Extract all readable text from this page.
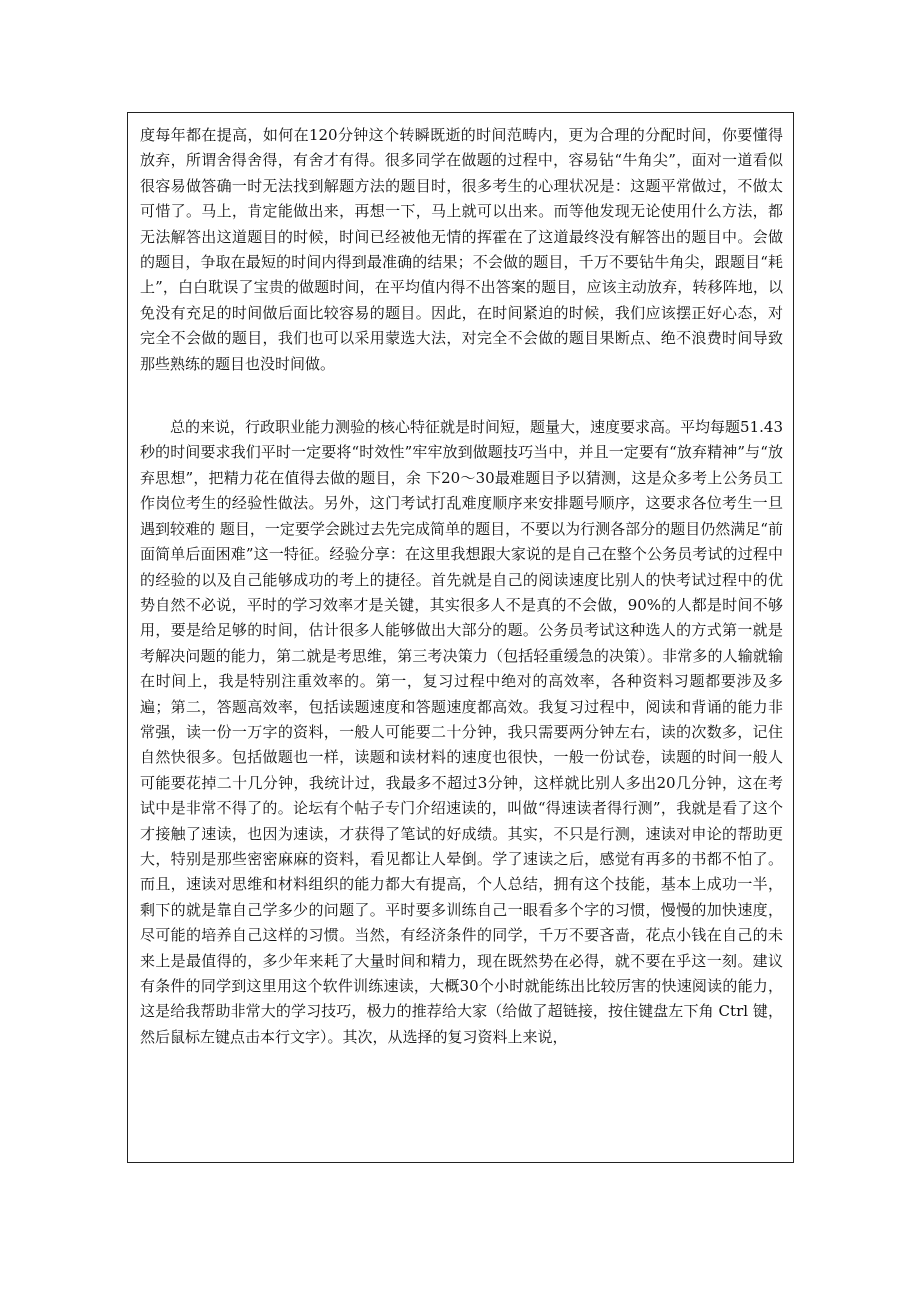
度每年都在提高，如何在120分钟这个转瞬既逝的时间范畴内，更为合理的分配时间，你要懂得放弃，所谓舍得舍得，有舍才有得。很多同学在做题的过程中，容易钻“牛角尖”，面对一道看似很容易做答确一时无法找到解题方法的题目时，很多考生的心理状况是：这题平常做过，不做太可惜了。马上，肯定能做出来，再想一下，马上就可以出来。而等他发现无论使用什么方法，都无法解答出这道题目的时候，时间已经被他无情的挥霍在了这道最终没有解答出的题目中。会做的题目，争取在最短的时间内得到最准确的结果；不会做的题目，千万不要钻牛角尖，跟题目“耗上”，白白耽误了宝贵的做题时间，在平均值内得不出答案的题目，应该主动放弃，转移阵地，以免没有充足的时间做后面比较容易的题目。因此，在时间紧迫的时候，我们应该摆正好心态，对完全不会做的题目，我们也可以采用蒙选大法，对完全不会做的题目果断点、绝不浪费时间导致那些熟练的题目也没时间做。

总的来说，行政职业能力测验的核心特征就是时间短，题量大，速度要求高。平均每题51.43秒的时间要求我们平时一定要将“时效性”牢牢放到做题技巧当中，并且一定要有“放弃精神”与“放弃思想”，把精力花在值得去做的题目，余 下20～30最难题目予以猜测，这是众多考上公务员工作岗位考生的经验性做法。另外，这门考试打乱难度顺序来安排题号顺序，这要求各位考生一旦遇到较难的 题目，一定要学会跳过去先完成简单的题目，不要以为行测各部分的题目仍然满足“前面简单后面困难”这一特征。经验分享：在这里我想跟大家说的是自己在整个公务员考试的过程中的经验的以及自己能够成功的考上的捷径。首先就是自己的阅读速度比别人的快考试过程中的优势自然不必说，平时的学习效率才是关键，其实很多人不是真的不会做，90%的人都是时间不够用，要是给足够的时间，估计很多人能够做出大部分的题。公务员考试这种选人的方式第一就是考解决问题的能力，第二就是考思维，第三考决策力（包括轻重缓急的决策）。非常多的人输就输在时间上，我是特别注重效率的。第一，复习过程中绝对的高效率，各种资料习题都要涉及多遍；第二，答题高效率，包括读题速度和答题速度都高效。我复习过程中，阅读和背诵的能力非常强，读一份一万字的资料，一般人可能要二十分钟，我只需要两分钟左右，读的次数多，记住自然快很多。包括做题也一样，读题和读材料的速度也很快，一般一份试卷，读题的时间一般人可能要花掉二十几分钟，我统计过，我最多不超过3分钟，这样就比别人多出20几分钟，这在考试中是非常不得了的。论坛有个帖子专门介绍速读的，叫做“得速读者得行测”，我就是看了这个才接触了速读，也因为速读，才获得了笔试的好成绩。其实，不只是行测，速读对申论的帮助更大，特别是那些密密麻麻的资料，看见都让人晕倒。学了速读之后，感觉有再多的书都不怕了。而且，速读对思维和材料组织的能力都大有提高，个人总结，拥有这个技能，基本上成功一半，剩下的就是靠自己学多少的问题了。平时要多训练自己一眼看多个字的习惯，慢慢的加快速度，尽可能的培养自己这样的习惯。当然，有经济条件的同学，千万不要吝啬，花点小钱在自己的未来上是最值得的，多少年来耗了大量时间和精力，现在既然势在必得，就不要在乎这一刻。建议有条件的同学到这里用这个软件训练速读，大概30个小时就能练出比较厉害的快速阅读的能力，这是给我帮助非常大的学习技巧，极力的推荐给大家（给做了超链接，按住键盘左下角 Ctrl 键，然后鼠标左键点击本行文字）。其次，从选择的复习资料上来说，
